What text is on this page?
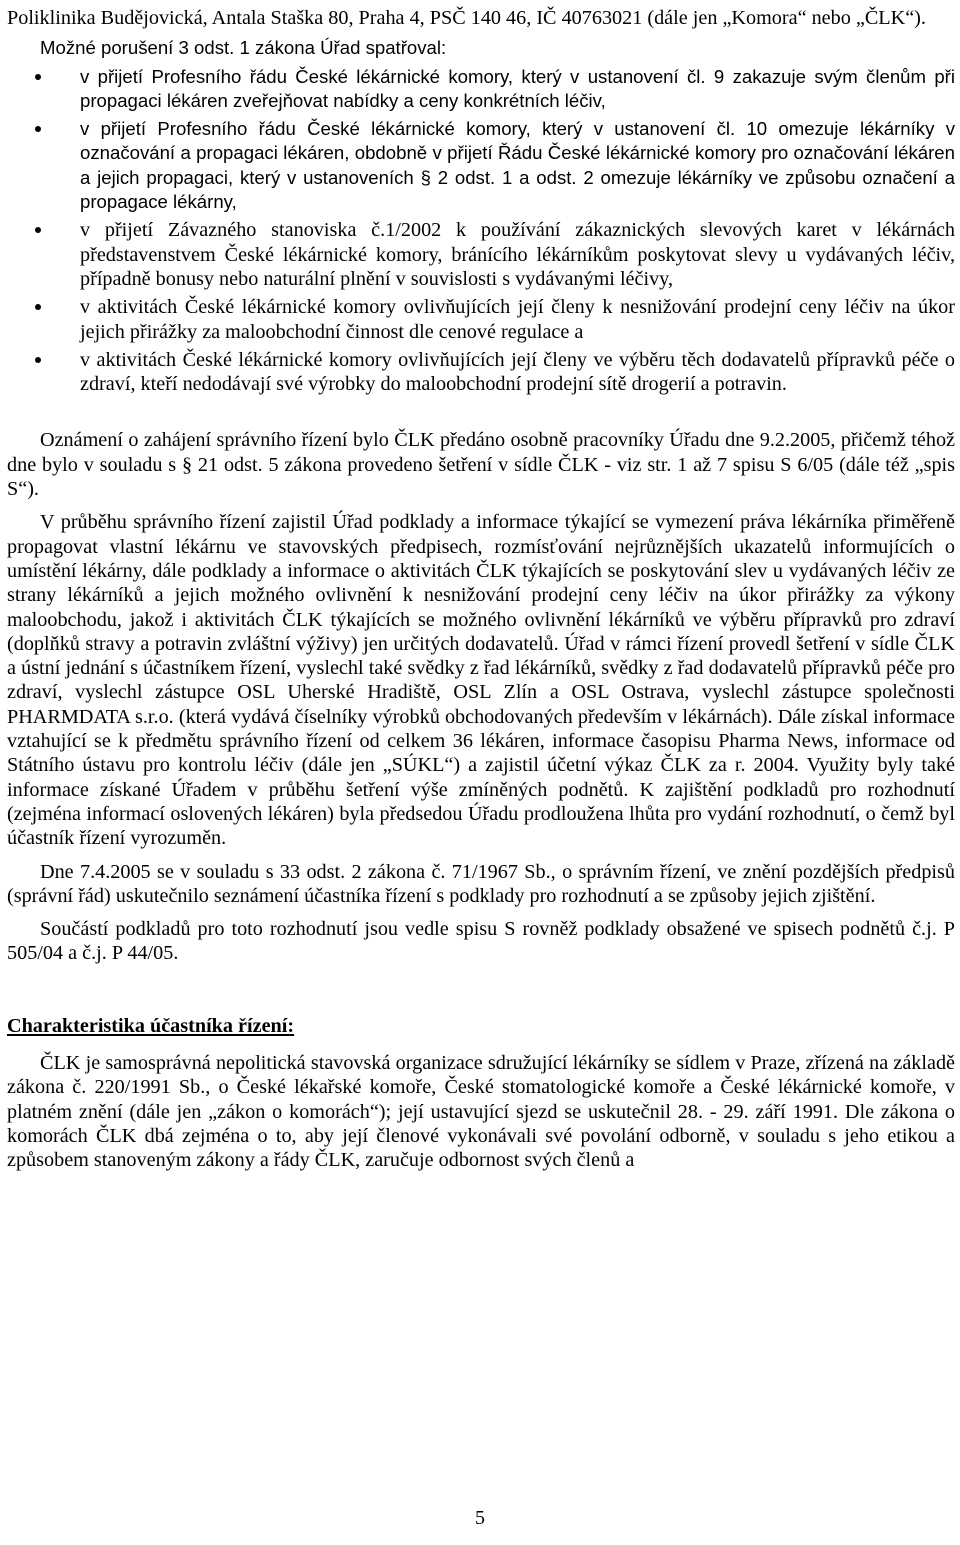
Poliklinika Budějovická, Antala Staška 80, Praha 4, PSČ 140 46, IČ 40763021 (dále jen „Komora“ nebo „ČLK“).

Možné porušení 3 odst. 1 zákona Úřad spatřoval:

v přijetí Profesního řádu České lékárnické komory, který v ustanovení čl. 9 zakazuje svým členům při propagaci lékáren zveřejňovat nabídky a ceny konkrétních léčiv,
v přijetí Profesního řádu České lékárnické komory, který v ustanovení čl. 10 omezuje lékárníky v označování a propagaci lékáren, obdobně v přijetí Řádu České lékárnické komory pro označování lékáren a jejich propagaci, který v ustanoveních § 2 odst. 1 a odst. 2 omezuje lékárníky ve způsobu označení a propagace lékárny,
v přijetí Závazného stanoviska č.1/2002 k používání zákaznických slevových karet v lékárnách představenstvem České lékárnické komory, bránícího lékárníkům poskytovat slevy u vydávaných léčiv, případně bonusy nebo naturální plnění v souvislosti s vydávanými léčivy,
v aktivitách České lékárnické komory ovlivňujících její členy k nesnižování prodejní ceny léčiv na úkor jejich přirážky za maloobchodní činnost dle cenové regulace a
v aktivitách České lékárnické komory ovlivňujících její členy ve výběru těch dodavatelů přípravků péče o zdraví, kteří nedodávají své výrobky do maloobchodní prodejní sítě drogerií a potravin.

Oznámení o zahájení správního řízení bylo ČLK předáno osobně pracovníky Úřadu dne 9.2.2005, přičemž téhož dne bylo v souladu s § 21 odst. 5 zákona provedeno šetření v sídle ČLK - viz str. 1 až 7 spisu S 6/05 (dále též „spis S“).

V průběhu správního řízení zajistil Úřad podklady a informace týkající se vymezení práva lékárníka přiměřeně propagovat vlastní lékárnu ve stavovských předpisech, rozmísťování nejrůznějších ukazatelů informujících o umístění lékárny, dále podklady a informace o aktivitách ČLK týkajících se poskytování slev u vydávaných léčiv ze strany lékárníků a jejich možného ovlivnění k nesnižování prodejní ceny léčiv na úkor přirážky za výkony maloobchodu, jakož i aktivitách ČLK týkajících se možného ovlivnění lékárníků ve výběru přípravků pro zdraví (doplňků stravy a potravin zvláštní výživy) jen určitých dodavatelů. Úřad v rámci řízení provedl šetření v sídle ČLK a ústní jednání s účastníkem řízení, vyslechl také svědky z řad lékárníků, svědky z řad dodavatelů přípravků péče pro zdraví, vyslechl zástupce OSL Uherské Hradiště, OSL Zlín a OSL Ostrava, vyslechl zástupce společnosti PHARMDATA s.r.o. (která vydává číselníky výrobků obchodovaných především v lékárnách). Dále získal informace vztahující se k předmětu správního řízení od celkem 36 lékáren, informace časopisu Pharma News, informace od Státního ústavu pro kontrolu léčiv (dále jen „SÚKL“) a zajistil účetní výkaz ČLK za r. 2004. Využity byly také informace získané Úřadem v průběhu šetření výše zmíněných podnětů. K zajištění podkladů pro rozhodnutí (zejména informací oslovených lékáren) byla předsedou Úřadu prodloužena lhůta pro vydání rozhodnutí, o čemž byl účastník řízení vyrozuměn.

Dne 7.4.2005 se v souladu s 33 odst. 2 zákona č. 71/1967 Sb., o správním řízení, ve znění pozdějších předpisů (správní řád) uskutečnilo seznámení účastníka řízení s podklady pro rozhodnutí a se způsoby jejich zjištění.

Součástí podkladů pro toto rozhodnutí jsou vedle spisu S rovněž podklady obsažené ve spisech podnětů č.j. P 505/04 a č.j. P 44/05.

Charakteristika účastníka řízení:

ČLK je samosprávná nepolitická stavovská organizace sdružující lékárníky se sídlem v Praze, zřízená na základě zákona č. 220/1991 Sb., o České lékařské komoře, České stomatologické komoře a České lékárnické komoře, v platném znění (dále jen „zákon o komorách“); její ustavující sjezd se uskutečnil 28. - 29. září 1991. Dle zákona o komorách ČLK dbá zejména o to, aby její členové vykonávali své povolání odborně, v souladu s jeho etikou a způsobem stanoveným zákony a řády ČLK, zaručuje odbornost svých členů a

5
